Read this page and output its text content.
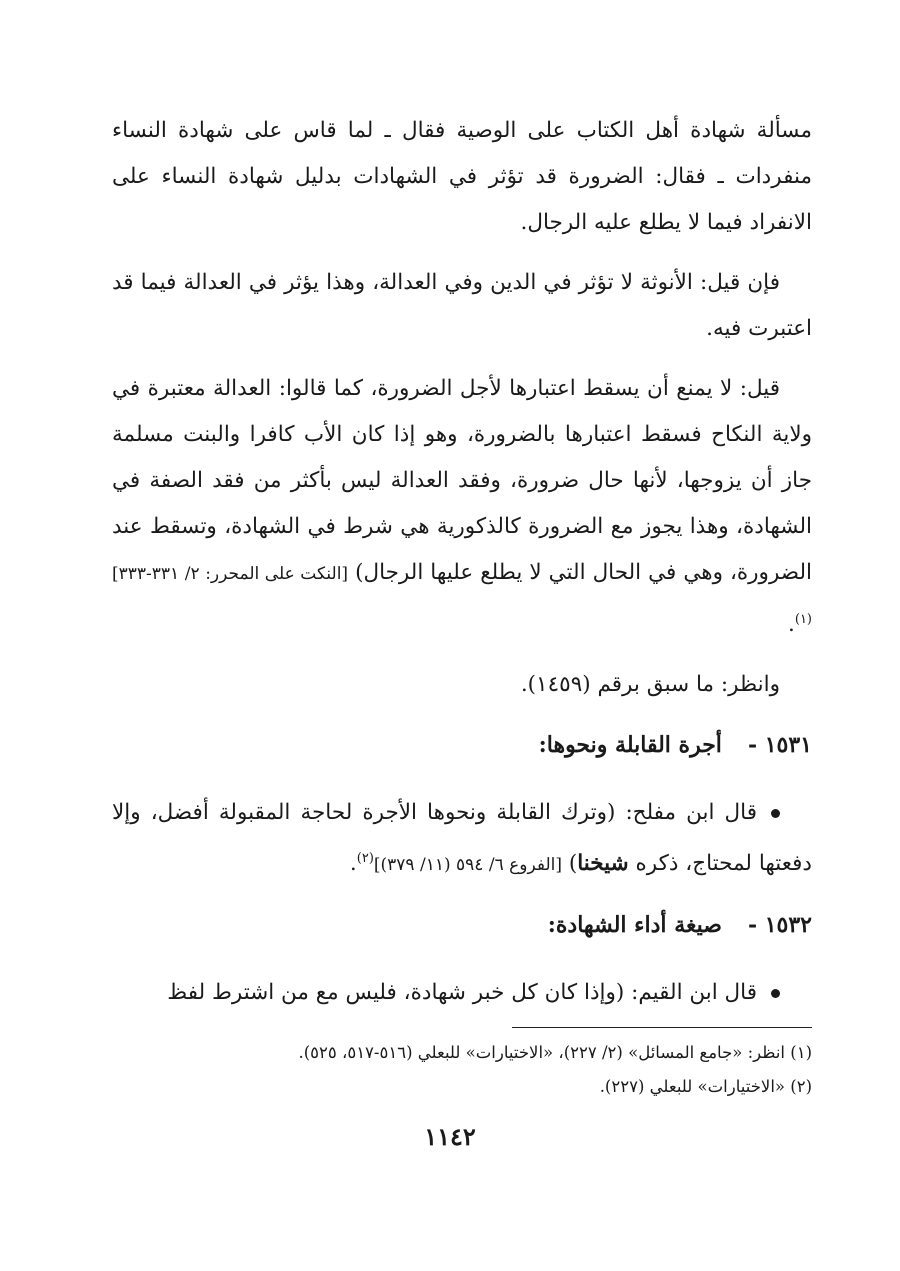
مسألة شهادة أهل الكتاب على الوصية فقال ـ لما قاس على شهادة النساء منفردات ـ فقال: الضرورة قد تؤثر في الشهادات بدليل شهادة النساء على الانفراد فيما لا يطلع عليه الرجال.

فإن قيل: الأنوثة لا تؤثر في الدين وفي العدالة، وهذا يؤثر في العدالة فيما قد اعتبرت فيه.

قيل: لا يمنع أن يسقط اعتبارها لأجل الضرورة، كما قالوا: العدالة معتبرة في ولاية النكاح فسقط اعتبارها بالضرورة، وهو إذا كان الأب كافرا والبنت مسلمة جاز أن يزوجها، لأنها حال ضرورة، وفقد العدالة ليس بأكثر من فقد الصفة في الشهادة، وهذا يجوز مع الضرورة كالذكورية هي شرط في الشهادة، وتسقط عند الضرورة، وهي في الحال التي لا يطلع عليها الرجال) [النكت على المحرر: ٢/ ٣٣١-٣٣٣]$^{(١)}$.

وانظر: ما سبق برقم (١٤٥٩).

١٥٣١ -أجرة القابلة ونحوها:

قال ابن مفلح: (وترك القابلة ونحوها الأجرة لحاجة المقبولة أفضل، وإلا دفعتها لمحتاج، ذكره شيخنا) [الفروع ٦/ ٥٩٤ (١١/ ٣٧٩)]$^{(٢)}$.

١٥٣٢ -صيغة أداء الشهادة:

قال ابن القيم: (وإذا كان كل خبر شهادة، فليس مع من اشترط لفظ

(١) انظر: «جامع المسائل» (٢/ ٢٢٧)، «الاختيارات» للبعلي (٥١٦-٥١٧، ٥٢٥).

(٢) «الاختيارات» للبعلي (٢٢٧).

١١٤٢
